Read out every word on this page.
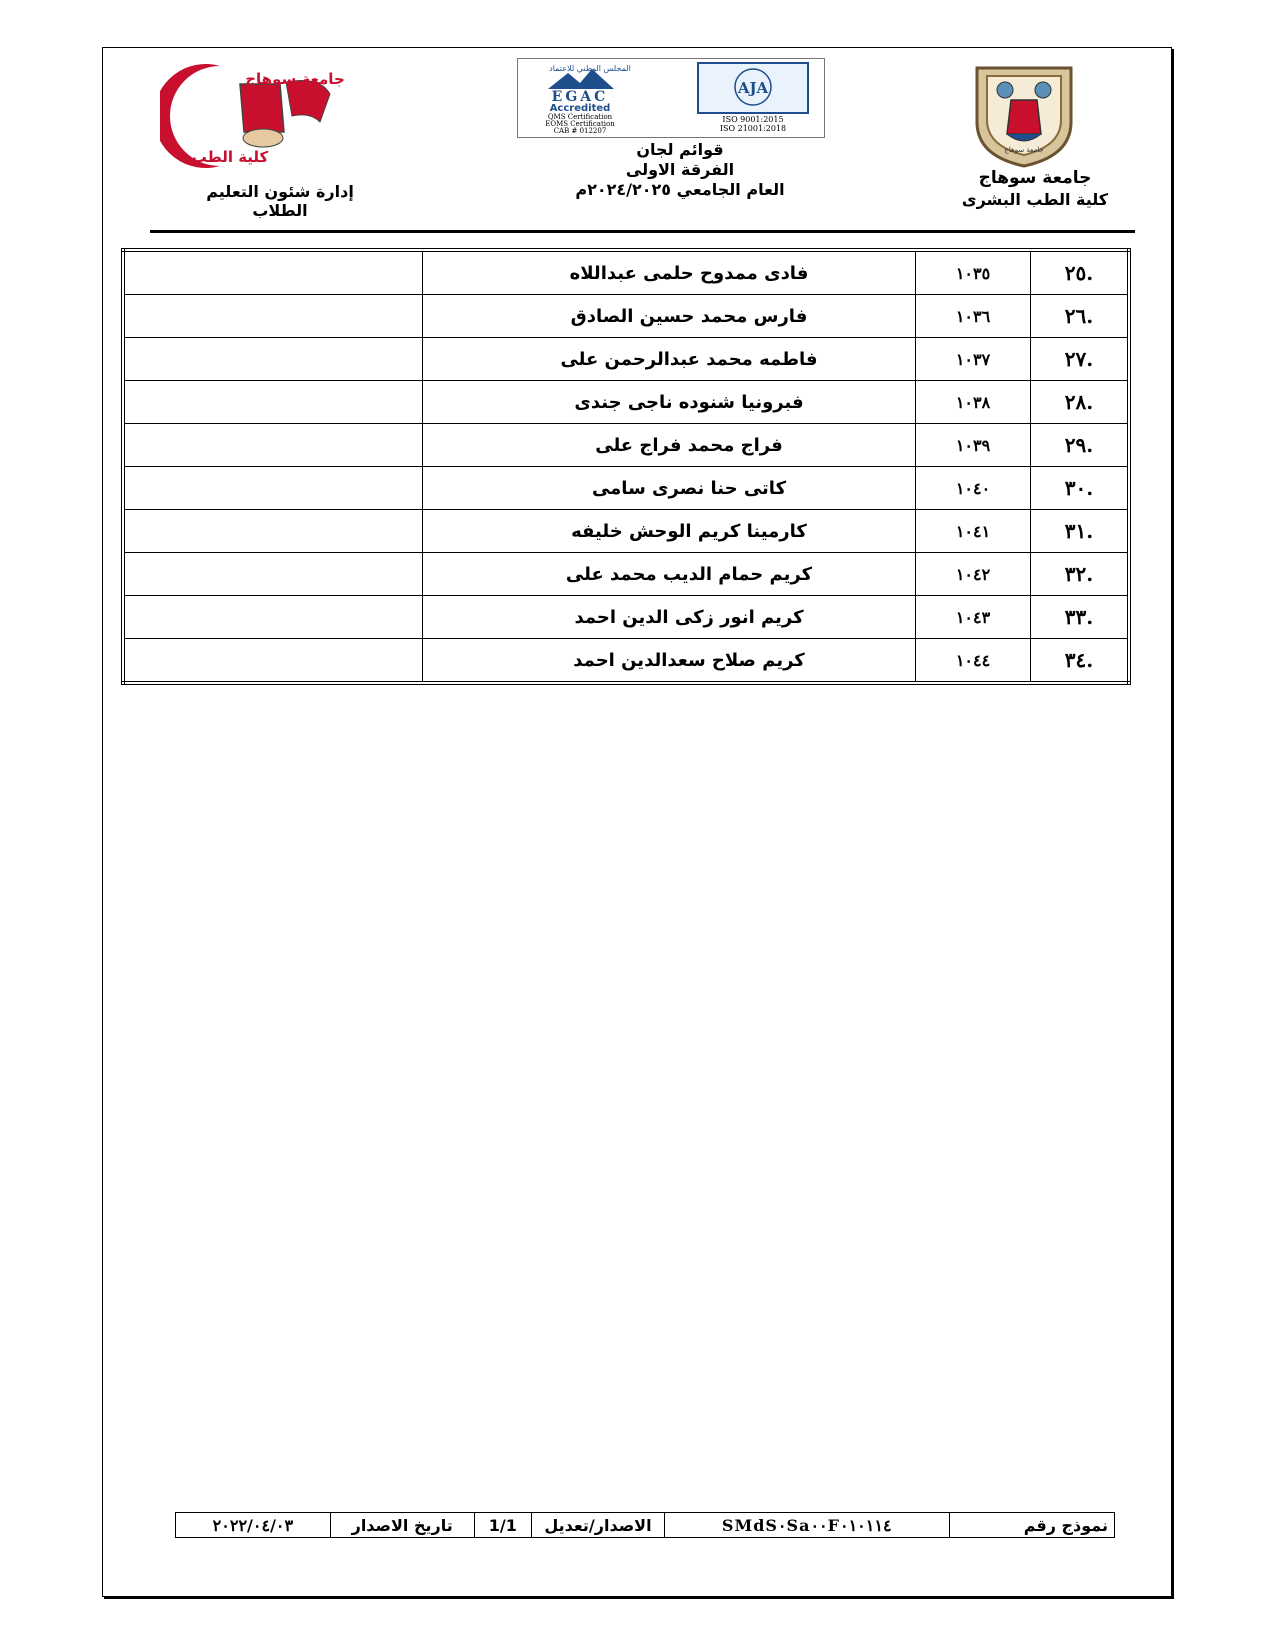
جامعة سوهاج
جامعة سوهاج
كلية الطب
المجلس الوطني للاعتماد
EGAC
Accredited
QMS Certification
EOMS Certification
CAB # 012207
AJA
ISO 9001:2015
ISO 21001:2018
جامعة سوهاج
كلية الطب البشرى
إدارة شئون التعليم الطلاب
قوائم لجان
الفرقة الاولى
العام الجامعي ٢٠٢٤/٢٠٢٥م
.٢٥	١٠٣٥	فادى ممدوح حلمى عبداللاه	
.٢٦	١٠٣٦	فارس محمد حسين الصادق	
.٢٧	١٠٣٧	فاطمه محمد عبدالرحمن على	
.٢٨	١٠٣٨	فبرونيا شنوده ناجى جندى	
.٢٩	١٠٣٩	فراج محمد فراج على	
.٣٠	١٠٤٠	كاتى حنا نصرى سامى	
.٣١	١٠٤١	كارمينا كريم الوحش خليفه	
.٣٢	١٠٤٢	كريم حمام الديب محمد على	
.٣٣	١٠٤٣	كريم انور زكى الدين احمد	
.٣٤	١٠٤٤	كريم صلاح سعدالدين احمد	
نموذج رقم	SMdS٠Sa٠٠F٠١٠١١٤	الاصدار/تعديل	1/1	تاريخ الاصدار	٢٠٢٢/٠٤/٠٣
